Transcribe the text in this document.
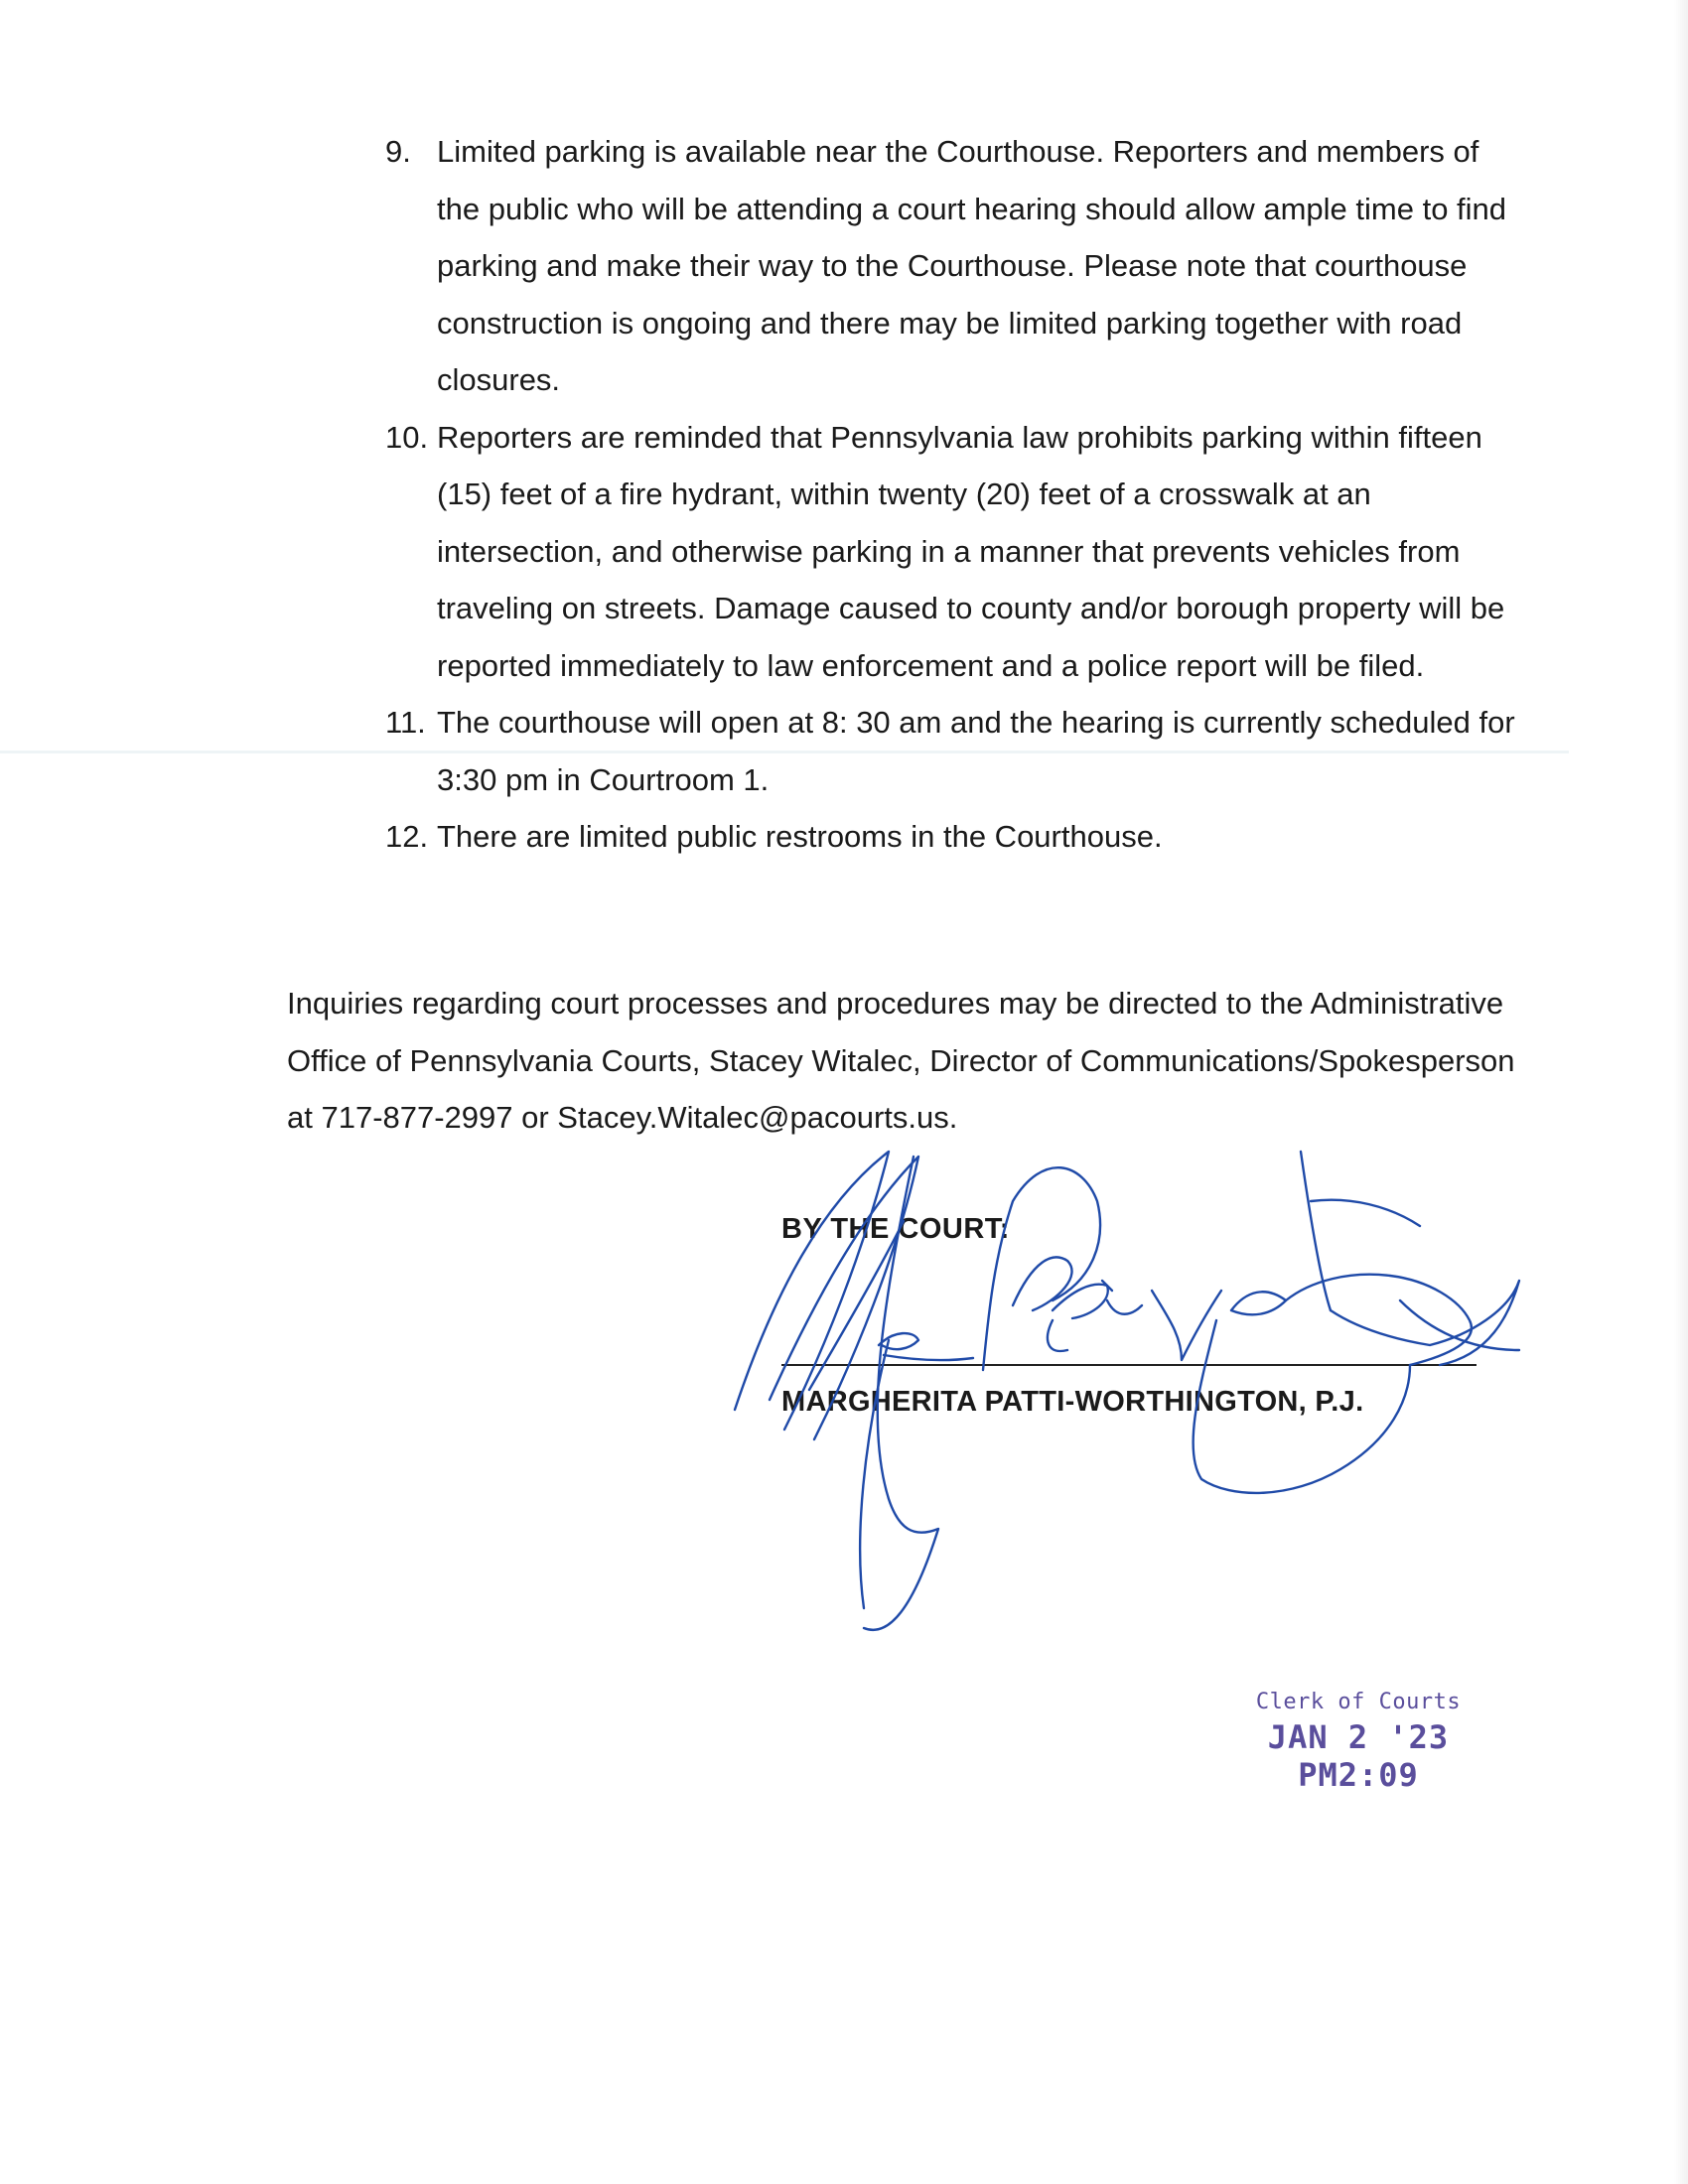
9. Limited parking is available near the Courthouse. Reporters and members of the public who will be attending a court hearing should allow ample time to find parking and make their way to the Courthouse. Please note that courthouse construction is ongoing and there may be limited parking together with road closures.
10. Reporters are reminded that Pennsylvania law prohibits parking within fifteen (15) feet of a fire hydrant, within twenty (20) feet of a crosswalk at an intersection, and otherwise parking in a manner that prevents vehicles from traveling on streets. Damage caused to county and/or borough property will be reported immediately to law enforcement and a police report will be filed.
11. The courthouse will open at 8: 30 am and the hearing is currently scheduled for 3:30 pm in Courtroom 1.
12. There are limited public restrooms in the Courthouse.
Inquiries regarding court processes and procedures may be directed to the Administrative Office of Pennsylvania Courts, Stacey Witalec, Director of Communications/Spokesperson at 717-877-2997 or Stacey.Witalec@pacourts.us.
BY THE COURT:
MARGHERITA PATTI-WORTHINGTON, P.J.
Clerk of Courts
JAN 2 '23 PM2:09
